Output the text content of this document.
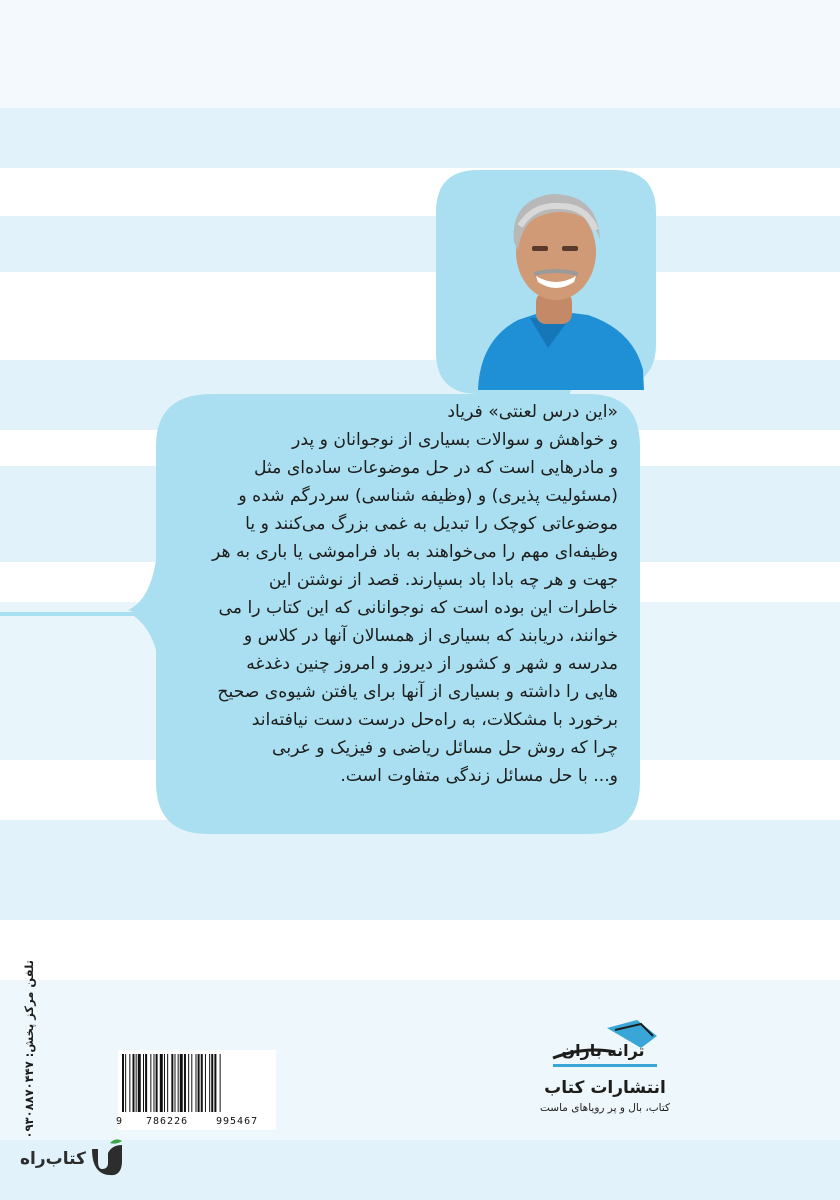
«این درس لعنتی» فریاد

و خواهش و سوالات بسیاری از نوجوانان و پدر

و مادرهایی است که در حل موضوعات ساده‌ای مثل

(مسئولیت پذیری) و (وظیفه شناسی) سردرگم شده و

موضوعاتی کوچک را تبدیل به غمی بزرگ می‌کنند و یا

وظیفه‌ای مهم را می‌خواهند به باد فراموشی یا باری به هر

جهت و هر چه بادا باد بسپارند. قصد از نوشتن این

خاطرات این بوده است که نوجوانانی که این کتاب را می

خوانند، دریابند که بسیاری از همسالان آنها در کلاس و

مدرسه و شهر و کشور از دیروز و امروز چنین دغدغه

هایی را داشته و بسیاری از آنها برای یافتن شیوه‌ی صحیح

برخورد با مشکلات، به راه‌حل درست دست نیافته‌اند

چرا که روش حل مسائل ریاضی و فیزیک و عربی

و... با حل مسائل زندگی متفاوت است.

9 786226	995467
تلفن مرکز پخش: ۰۹۳۰۸۸۷۰۴۴۷	ترانه باران
انتشارات کتاب
کتاب، بال و پر رویاهای ماست
کتاب‌راه
